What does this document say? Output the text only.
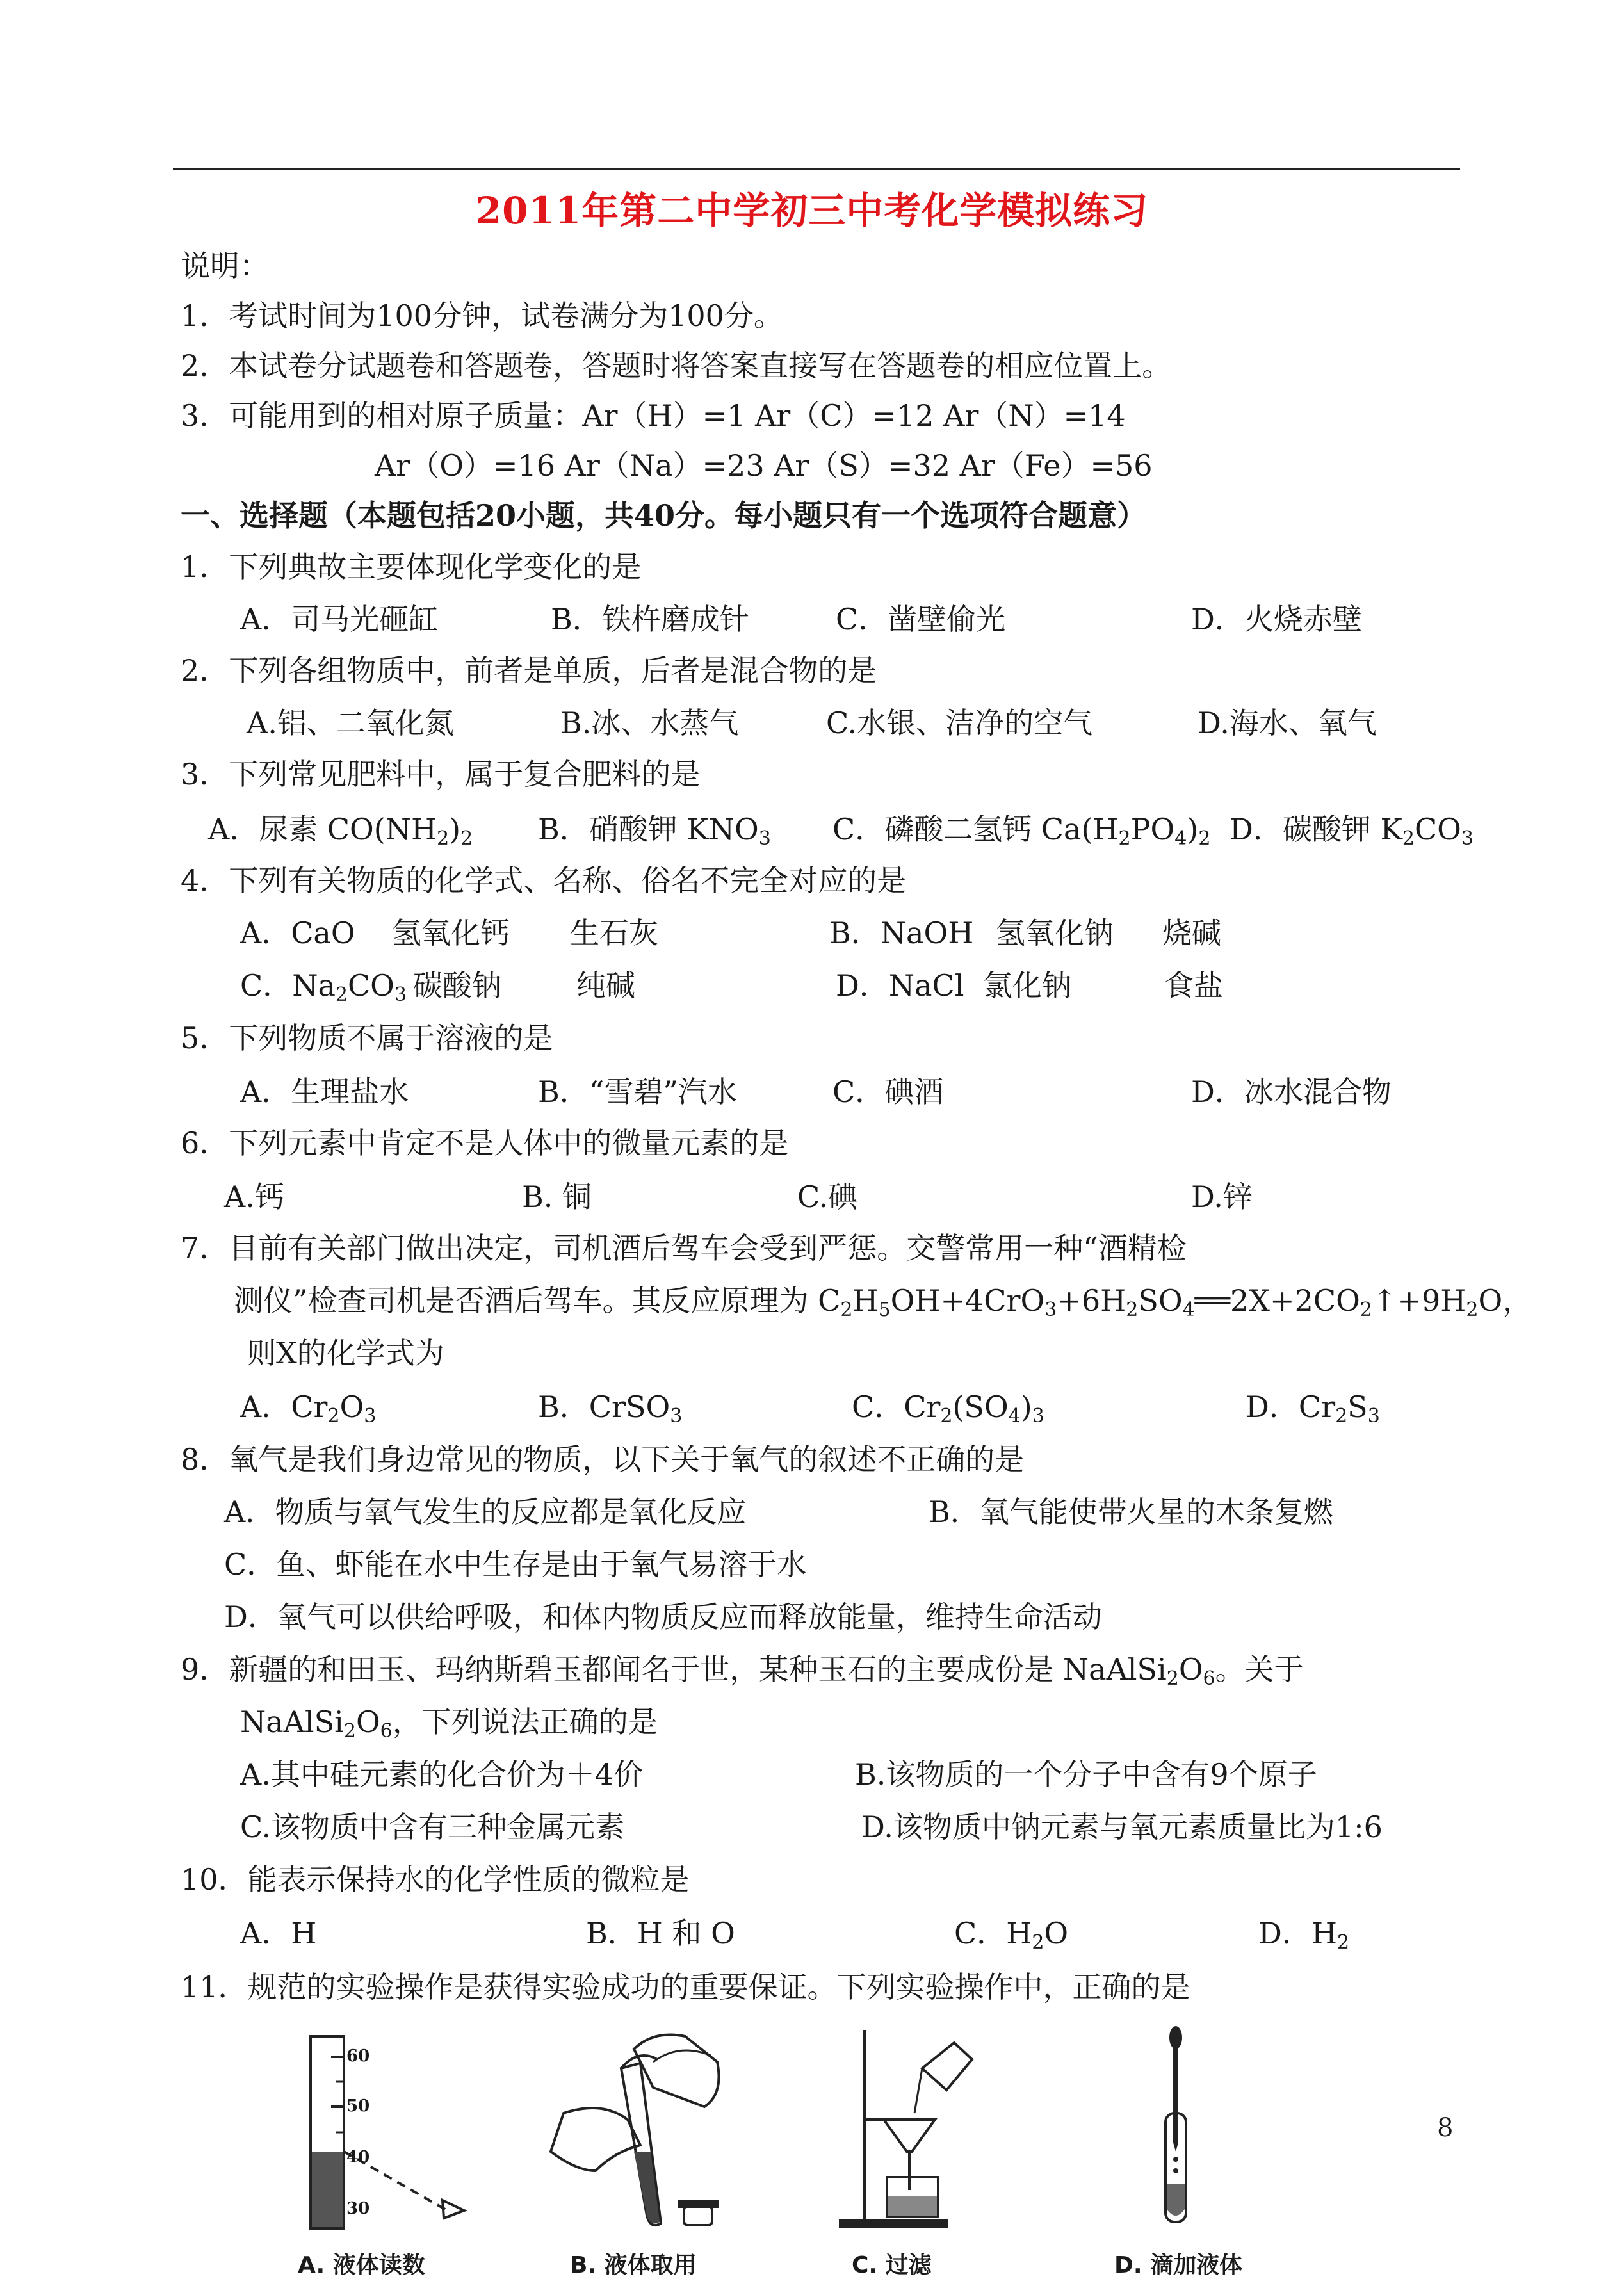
2011年第二中学初三中考化学模拟练习
说明：
1．考试时间为100分钟，试卷满分为100分。
2．本试卷分试题卷和答题卷，答题时将答案直接写在答题卷的相应位置上。
3．可能用到的相对原子质量：Ar（H）=1 Ar（C）=12 Ar（N）=14
Ar（O）=16 Ar（Na）=23 Ar（S）=32 Ar（Fe）=56
一、选择题（本题包括20小题，共40分。每小题只有一个选项符合题意）
1．下列典故主要体现化学变化的是
A．司马光砸缸	B．铁杵磨成针	C．凿壁偷光	D．火烧赤壁
2．下列各组物质中，前者是单质，后者是混合物的是
A.铝、二氧化氮	B.冰、水蒸气	C.水银、洁净的空气	D.海水、氧气
3．下列常见肥料中，属于复合肥料的是
A．尿素 $CO(NH_2)_2$ B．硝酸钾 $KNO_3$ C．磷酸二氢钙 $Ca(H_2PO_4)_2$ D．碳酸钾 $K_2CO_3$
4．下列有关物质的化学式、名称、俗名不完全对应的是
A．CaO 氢氧化钙 生石灰	B．NaOH 氢氧化钠 烧碱
C．$Na_2CO_3$ 碳酸钠	纯碱	D．NaCl 氯化钠	食盐
5．下列物质不属于溶液的是
A．生理盐水	B．“雪碧”汽水	C．碘酒	D．冰水混合物
6．下列元素中肯定不是人体中的微量元素的是
A.钙	B. 铜	C.碘	D.锌
7．目前有关部门做出决定，司机酒后驾车会受到严惩。交警常用一种“酒精检
测仪”检查司机是否酒后驾车。其反应原理为 $C_2H_5OH+4CrO_3+6H_2SO_4══2X+2CO_2↑+9H_2O$，
则X的化学式为
A．$Cr_2O_3$	B．CrSO$_3$	C．$Cr_2(SO_4)_3$	D．$Cr_2S_3$
8．氧气是我们身边常见的物质，以下关于氧气的叙述不正确的是
A．物质与氧气发生的反应都是氧化反应	B．氧气能使带火星的木条复燃
C．鱼、虾能在水中生存是由于氧气易溶于水
D．氧气可以供给呼吸，和体内物质反应而释放能量，维持生命活动
9．新疆的和田玉、玛纳斯碧玉都闻名于世，某种玉石的主要成份是 $NaAlSi_2O_6$。关于
$NaAlSi_2O_6$，下列说法正确的是
A.其中硅元素的化合价为＋4价	B.该物质的一个分子中含有9个原子
C.该物质中含有三种金属元素	D.该物质中钠元素与氧元素质量比为1:6
10．能表示保持水的化学性质的微粒是
A．H	B．H 和 O	C．$H_2O$	D．$H_2$
11．规范的实验操作是获得实验成功的重要保证。下列实验操作中，正确的是
60
50
40
30
A. 液体读数	B. 液体取用	C. 过滤	D. 滴加液体
8
